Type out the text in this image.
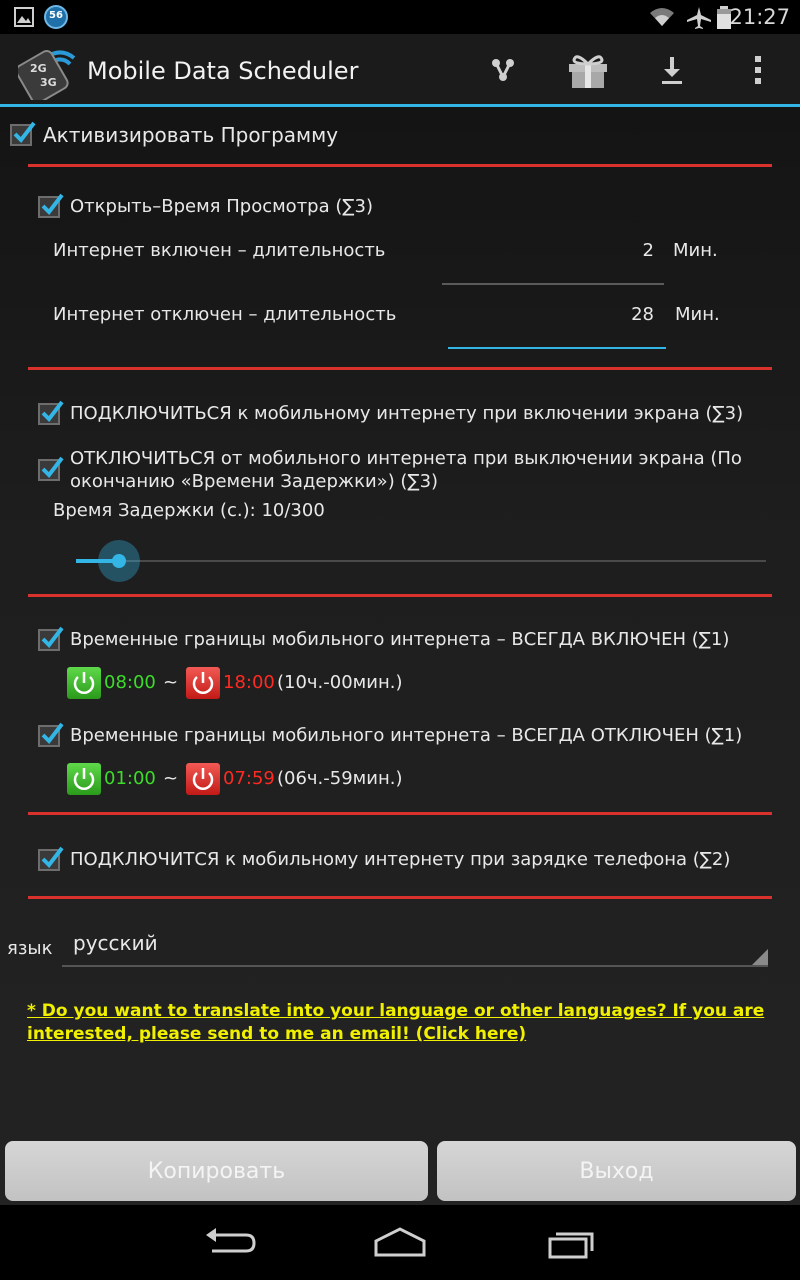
56	21:27
2G
3G Mobile Data Scheduler
Активизировать Программу
Открыть–Время Просмотра (∑3)
Интернет включен – длительность	2 Мин.
Интернет отключен – длительность	28 Мин.
ПОДКЛЮЧИТЬСЯ к мобильному интернету при включении экрана (∑3)
ОТКЛЮЧИТЬСЯ от мобильного интернета при выключении экрана (По
окончанию «Времени Задержки») (∑3)
Время Задержки (с.): 10/300
Временные границы мобильного интернета – ВСЕГДА ВКЛЮЧЕН (∑1)
08:00 ~ 18:00 (10ч.-00мин.)
Временные границы мобильного интернета – ВСЕГДА ОТКЛЮЧЕН (∑1)
01:00 ~ 07:59 (06ч.-59мин.)
ПОДКЛЮЧИТСЯ к мобильному интернету при зарядке телефона (∑2)
язык русский
* Do you want to translate into your language or other languages? If you are
interested, please send to me an email! (Click here)
Копировать	Выход
